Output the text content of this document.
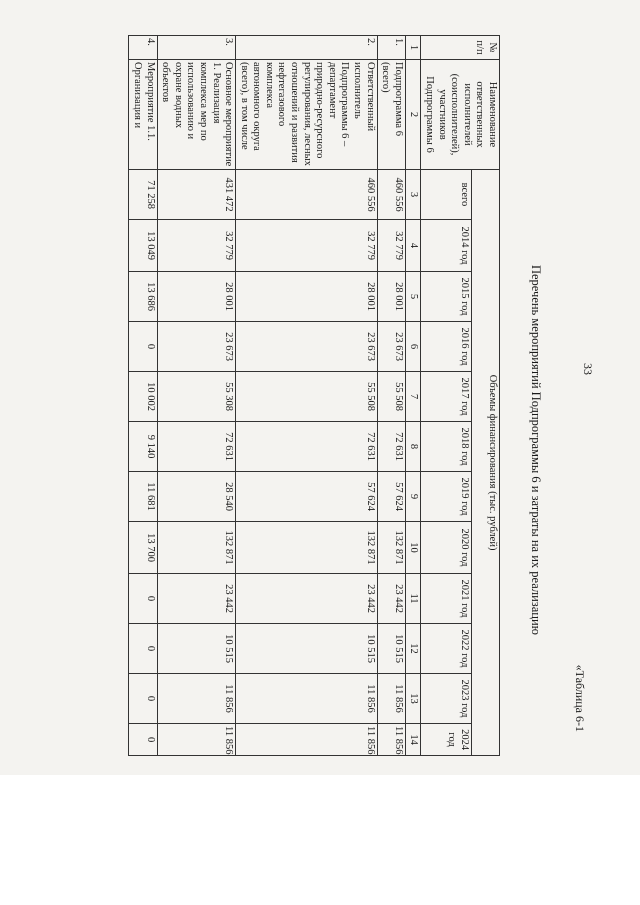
33
«Таблица 6-1
Перечень мероприятий Подпрограммы 6 и затраты на их реализацию
№ п/п	Наименование ответственных исполнителей (соисполнителей), участников Подпрограммы 6	Объемы финансирования (тыс. рублей)											
		всего	2014 год	2015 год	2016 год	2017 год	2018 год	2019 год	2020 год	2021 год	2022 год	2023 год	2024 год
1	2	3	4	5	6	7	8	9	10	11	12	13	14
1.	Подпрограмма 6 (всего)	460 556	32 779	28 001	23 673	55 508	72 631	57 624	132 871	23 442	10 515	11 856	11 856
2.	Ответственный исполнитель Подпрограммы 6 – департамент природно-ресурсного регулирования, лесных отношений и развития нефтегазового комплекса автономного округа (всего), в том числе	460 556	32 779	28 001	23 673	55 508	72 631	57 624	132 871	23 442	10 515	11 856	11 856
3.	Основное мероприятие 1. Реализация комплекса мер по использованию и охране водных объектов	431 472	32 779	28 001	23 673	55 308	72 631	28 540	132 871	23 442	10 515	11 856	11 856
4.	Мероприятие 1.1. Организация и	71 258	13 049	13 686	0	10 002	9 140	11 681	13 700	0	0	0	0
